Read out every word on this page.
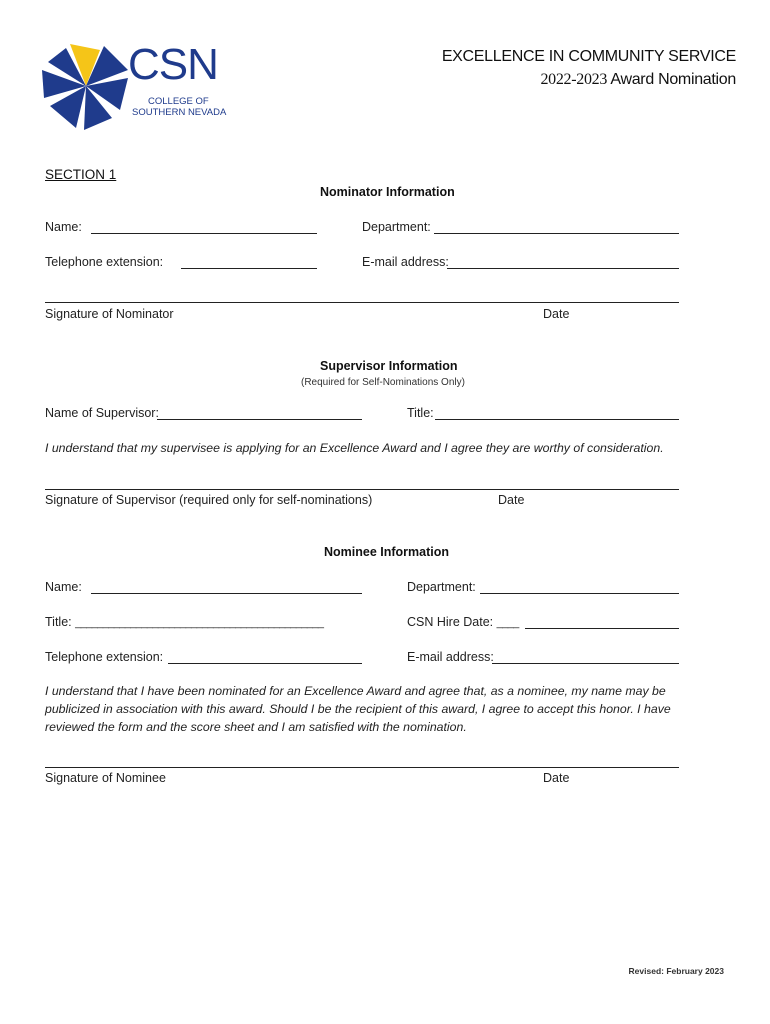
CSN
COLLEGE OF
SOUTHERN NEVADA
EXCELLENCE IN COMMUNITY SERVICE
2022-2023 Award Nomination
SECTION 1
Nominator Information
Name:	Department:
Telephone extension:	E-mail address:
Signature of Nominator	Date
Supervisor Information
(Required for Self-Nominations Only)
Name of Supervisor:	Title:
I understand that my supervisee is applying for an Excellence Award and I agree they are worthy of consideration.
Signature of Supervisor (required only for self-nominations)	Date
Nominee Information
Name:	Department:
Title: _____________________________________________	CSN Hire Date: ____
Telephone extension:	E-mail address:
I understand that I have been nominated for an Excellence Award and agree that, as a nominee, my name may be
publicized in association with this award. Should I be the recipient of this award, I agree to accept this honor. I have
reviewed the form and the score sheet and I am satisfied with the nomination.
Signature of Nominee	Date
Revised: February 2023
